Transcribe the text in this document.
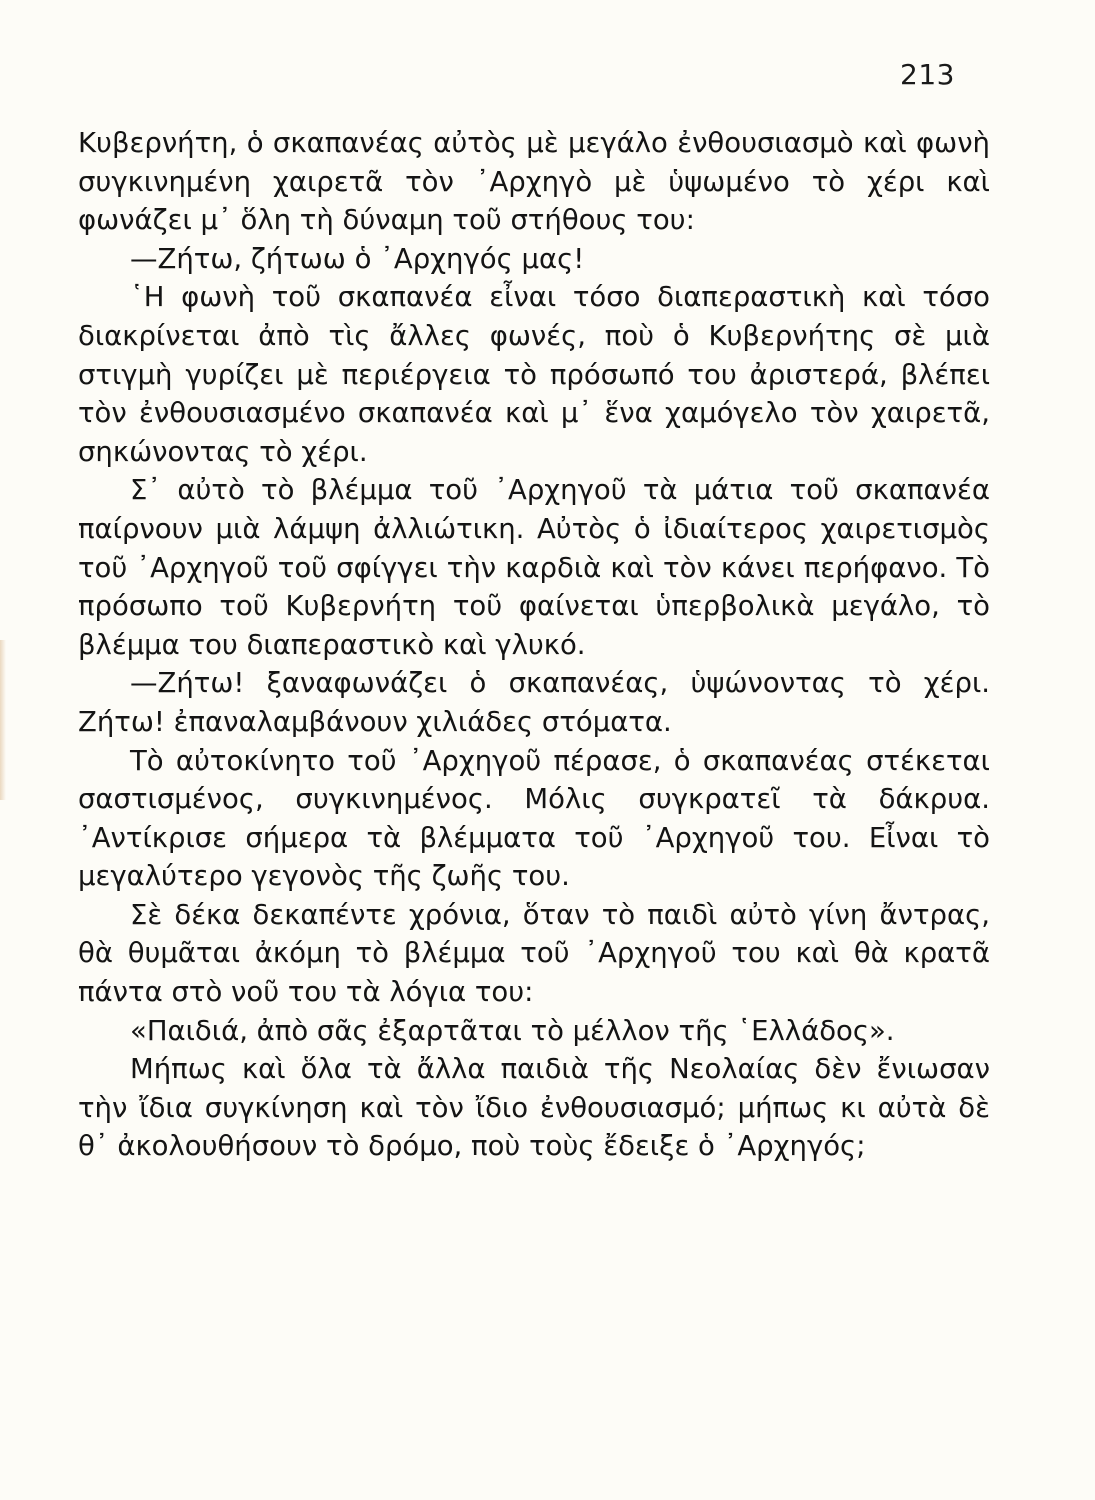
213

Κυβερνήτη, ὁ σκαπανέας αὐτὸς μὲ μεγάλο ἐνθουσιασμὸ καὶ φωνὴ συγκινημένη χαιρετᾶ τὸν ᾿Αρχηγὸ μὲ ὑψωμένο τὸ χέρι καὶ φωνάζει μ᾿ ὅλη τὴ δύναμη τοῦ στήθους του:

—Ζήτω, ζήτωω ὁ ᾿Αρχηγός μας!

῾Η φωνὴ τοῦ σκαπανέα εἶναι τόσο διαπεραστικὴ καὶ τόσο διακρίνεται ἀπὸ τὶς ἄλλες φωνές, ποὺ ὁ Κυβερνήτης σὲ μιὰ στιγμὴ γυρίζει μὲ περιέργεια τὸ πρόσωπό του ἀριστερά, βλέπει τὸν ἐνθουσιασμένο σκαπανέα καὶ μ᾿ ἕνα χαμόγελο τὸν χαιρετᾶ, σηκώνοντας τὸ χέρι.

Σ᾿ αὐτὸ τὸ βλέμμα τοῦ ᾿Αρχηγοῦ τὰ μάτια τοῦ σκαπανέα παίρνουν μιὰ λάμψη ἀλλιώτικη. Αὐτὸς ὁ ἰδιαίτερος χαιρετισμὸς τοῦ ᾿Αρχηγοῦ τοῦ σφίγγει τὴν καρδιὰ καὶ τὸν κάνει περήφανο. Τὸ πρόσωπο τοῦ Κυβερνήτη τοῦ φαίνεται ὑπερβολικὰ μεγάλο, τὸ βλέμμα του διαπεραστικὸ καὶ γλυκό.

—Ζήτω! ξαναφωνάζει ὁ σκαπανέας, ὑψώνοντας τὸ χέρι. Ζήτω! ἐπαναλαμβάνουν χιλιάδες στόματα.

Τὸ αὐτοκίνητο τοῦ ᾿Αρχηγοῦ πέρασε, ὁ σκαπανέας στέκεται σαστισμένος, συγκινημένος. Μόλις συγκρατεῖ τὰ δάκρυα. ᾿Αντίκρισε σήμερα τὰ βλέμματα τοῦ ᾿Αρχηγοῦ του. Εἶναι τὸ μεγαλύτερο γεγονὸς τῆς ζωῆς του.

Σὲ δέκα δεκαπέντε χρόνια, ὅταν τὸ παιδὶ αὐτὸ γίνη ἄντρας, θὰ θυμᾶται ἀκόμη τὸ βλέμμα τοῦ ᾿Αρχηγοῦ του καὶ θὰ κρατᾶ πάντα στὸ νοῦ του τὰ λόγια του:

«Παιδιά, ἀπὸ σᾶς ἐξαρτᾶται τὸ μέλλον τῆς ῾Ελλάδος».

Μήπως καὶ ὅλα τὰ ἄλλα παιδιὰ τῆς Νεολαίας δὲν ἔνιωσαν τὴν ἴδια συγκίνηση καὶ τὸν ἴδιο ἐνθουσιασμό; μήπως κι αὐτὰ δὲ θ᾿ ἀκολουθήσουν τὸ δρόμο, ποὺ τοὺς ἔδειξε ὁ ᾿Αρχηγός;
